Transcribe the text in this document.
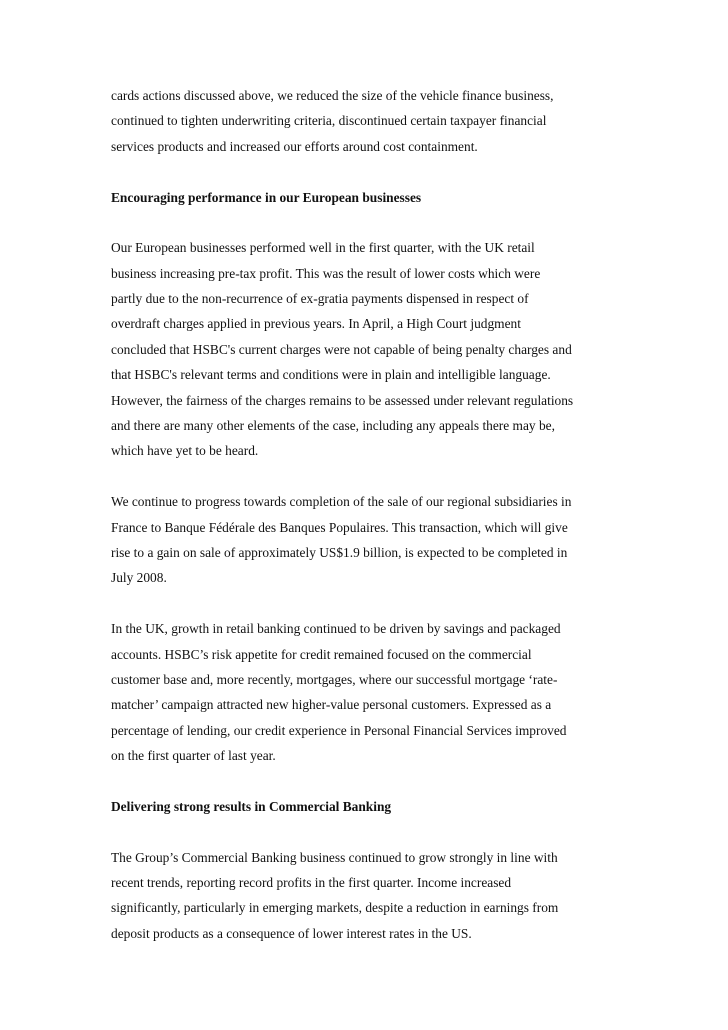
cards actions discussed above, we reduced the size of the vehicle finance business,
continued to tighten underwriting criteria, discontinued certain taxpayer financial
services products and increased our efforts around cost containment.

Encouraging performance in our European businesses

Our European businesses performed well in the first quarter, with the UK retail
business increasing pre-tax profit. This was the result of lower costs which were
partly due to the non-recurrence of ex-gratia payments dispensed in respect of
overdraft charges applied in previous years. In April, a High Court judgment
concluded that HSBC's current charges were not capable of being penalty charges and
that HSBC's relevant terms and conditions were in plain and intelligible language.
However, the fairness of the charges remains to be assessed under relevant regulations
and there are many other elements of the case, including any appeals there may be,
which have yet to be heard.

We continue to progress towards completion of the sale of our regional subsidiaries in
France to Banque Fédérale des Banques Populaires. This transaction, which will give
rise to a gain on sale of approximately US$1.9 billion, is expected to be completed in
July 2008.

In the UK, growth in retail banking continued to be driven by savings and packaged
accounts. HSBC’s risk appetite for credit remained focused on the commercial
customer base and, more recently, mortgages, where our successful mortgage ‘rate-
matcher’ campaign attracted new higher-value personal customers. Expressed as a
percentage of lending, our credit experience in Personal Financial Services improved
on the first quarter of last year.

Delivering strong results in Commercial Banking

The Group’s Commercial Banking business continued to grow strongly in line with
recent trends, reporting record profits in the first quarter. Income increased
significantly, particularly in emerging markets, despite a reduction in earnings from
deposit products as a consequence of lower interest rates in the US.
